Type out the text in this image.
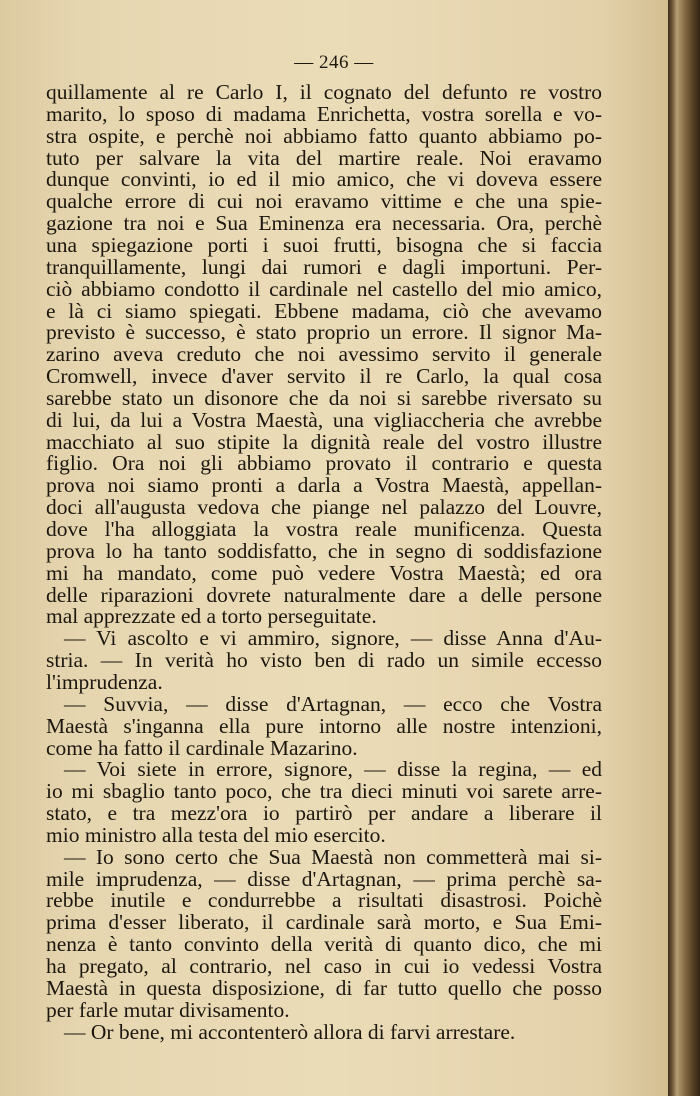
— 246 —
quillamente al re Carlo I, il cognato del defunto re vostro
marito, lo sposo di madama Enrichetta, vostra sorella e vo-
stra ospite, e perchè noi abbiamo fatto quanto abbiamo po-
tuto per salvare la vita del martire reale. Noi eravamo
dunque convinti, io ed il mio amico, che vi doveva essere
qualche errore di cui noi eravamo vittime e che una spie-
gazione tra noi e Sua Eminenza era necessaria. Ora, perchè
una spiegazione porti i suoi frutti, bisogna che si faccia
tranquillamente, lungi dai rumori e dagli importuni. Per-
ciò abbiamo condotto il cardinale nel castello del mio amico,
e là ci siamo spiegati. Ebbene madama, ciò che avevamo
previsto è successo, è stato proprio un errore. Il signor Ma-
zarino aveva creduto che noi avessimo servito il generale
Cromwell, invece d'aver servito il re Carlo, la qual cosa
sarebbe stato un disonore che da noi si sarebbe riversato su
di lui, da lui a Vostra Maestà, una vigliaccheria che avrebbe
macchiato al suo stipite la dignità reale del vostro illustre
figlio. Ora noi gli abbiamo provato il contrario e questa
prova noi siamo pronti a darla a Vostra Maestà, appellan-
doci all'augusta vedova che piange nel palazzo del Louvre,
dove l'ha alloggiata la vostra reale munificenza. Questa
prova lo ha tanto soddisfatto, che in segno di soddisfazione
mi ha mandato, come può vedere Vostra Maestà; ed ora
delle riparazioni dovrete naturalmente dare a delle persone
mal apprezzate ed a torto perseguitate.
— Vi ascolto e vi ammiro, signore, — disse Anna d'Au-
stria. — In verità ho visto ben di rado un simile eccesso
l'imprudenza.
— Suvvia, — disse d'Artagnan, — ecco che Vostra
Maestà s'inganna ella pure intorno alle nostre intenzioni,
come ha fatto il cardinale Mazarino.
— Voi siete in errore, signore, — disse la regina, — ed
io mi sbaglio tanto poco, che tra dieci minuti voi sarete arre-
stato, e tra mezz'ora io partirò per andare a liberare il
mio ministro alla testa del mio esercito.
— Io sono certo che Sua Maestà non commetterà mai si-
mile imprudenza, — disse d'Artagnan, — prima perchè sa-
rebbe inutile e condurrebbe a risultati disastrosi. Poichè
prima d'esser liberato, il cardinale sarà morto, e Sua Emi-
nenza è tanto convinto della verità di quanto dico, che mi
ha pregato, al contrario, nel caso in cui io vedessi Vostra
Maestà in questa disposizione, di far tutto quello che posso
per farle mutar divisamento.
— Or bene, mi accontenterò allora di farvi arrestare.
